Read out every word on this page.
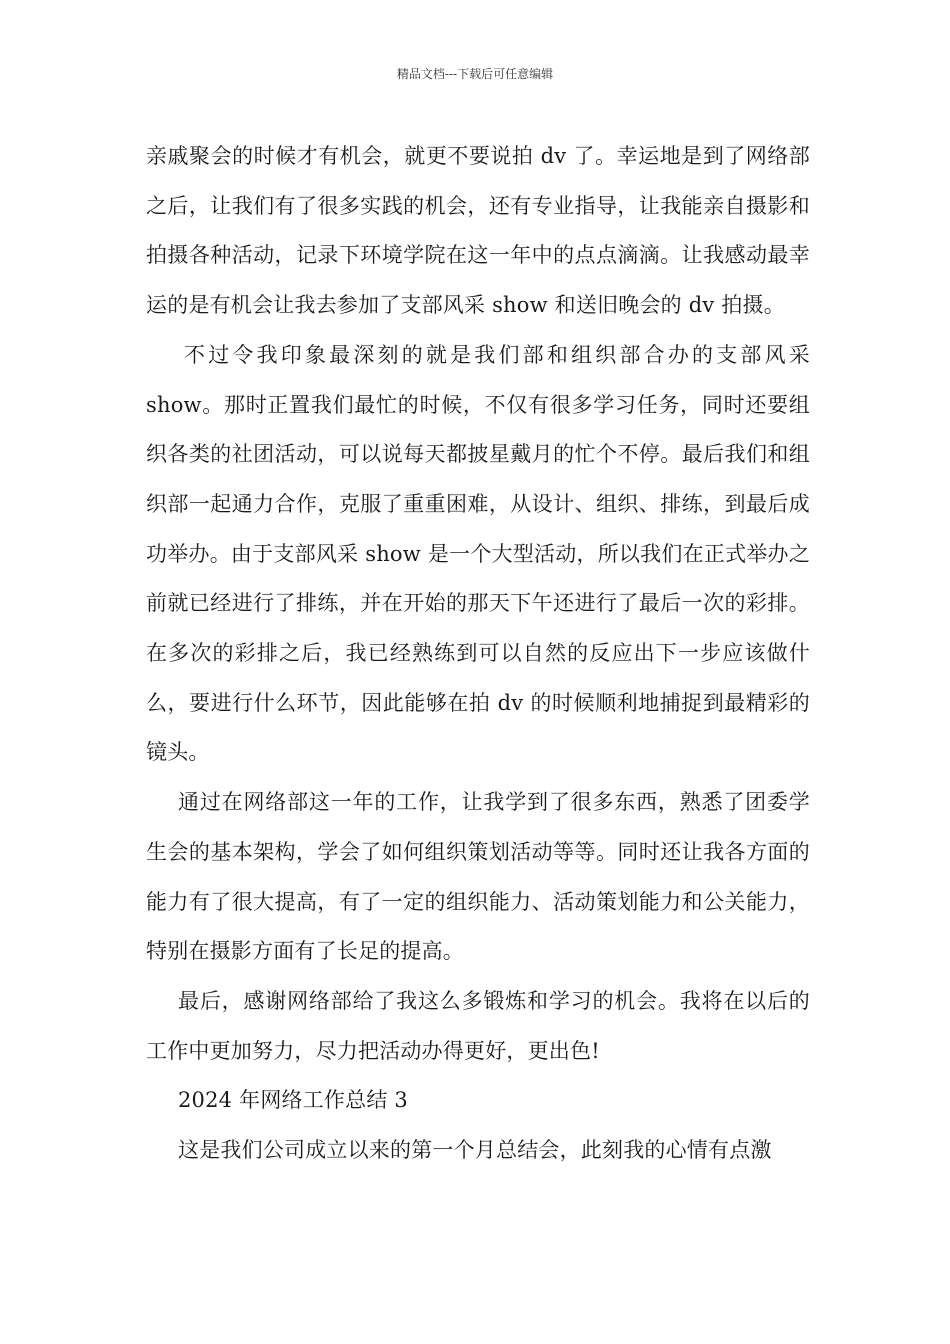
精品文档---下载后可任意编辑

亲戚聚会的时候才有机会，就更不要说拍 dv 了。幸运地是到了网络部之后，让我们有了很多实践的机会，还有专业指导，让我能亲自摄影和拍摄各种活动，记录下环境学院在这一年中的点点滴滴。让我感动最幸运的是有机会让我去参加了支部风采 show 和送旧晚会的 dv 拍摄。

不过令我印象最深刻的就是我们部和组织部合办的支部风采 show。那时正置我们最忙的时候，不仅有很多学习任务，同时还要组织各类的社团活动，可以说每天都披星戴月的忙个不停。最后我们和组织部一起通力合作，克服了重重困难，从设计、组织、排练，到最后成功举办。由于支部风采 show 是一个大型活动，所以我们在正式举办之前就已经进行了排练，并在开始的那天下午还进行了最后一次的彩排。在多次的彩排之后，我已经熟练到可以自然的反应出下一步应该做什么，要进行什么环节，因此能够在拍 dv 的时候顺利地捕捉到最精彩的镜头。

通过在网络部这一年的工作，让我学到了很多东西，熟悉了团委学生会的基本架构，学会了如何组织策划活动等等。同时还让我各方面的能力有了很大提高，有了一定的组织能力、活动策划能力和公关能力，特别在摄影方面有了长足的提高。

最后，感谢网络部给了我这么多锻炼和学习的机会。我将在以后的工作中更加努力，尽力把活动办得更好，更出色!

2024 年网络工作总结 3

这是我们公司成立以来的第一个月总结会，此刻我的心情有点激
